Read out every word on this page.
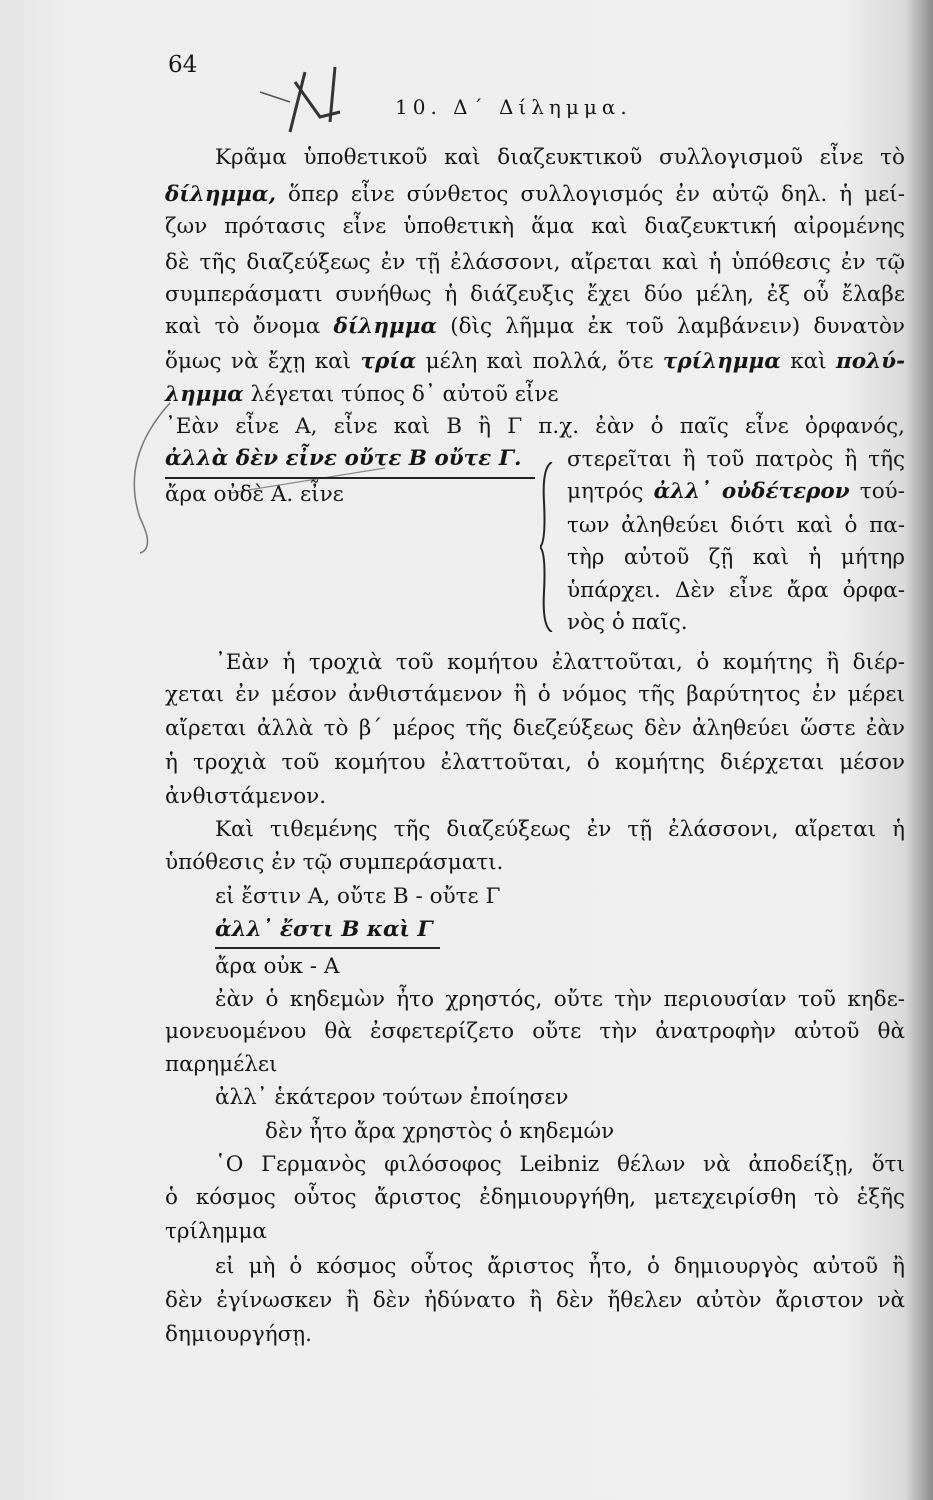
64
10. Δ΄ Δίλημμα.
Κρᾶμα ὑποθετικοῦ καὶ διαζευκτικοῦ συλλογισμοῦ εἶνε τὸ
δίλημμα, ὅπερ εἶνε σύνθετος συλλογισμός ἐν αὐτῷ δηλ. ἡ μεί-
ζων πρότασις εἶνε ὑποθετικὴ ἅμα καὶ διαζευκτική αἰρομένης
δὲ τῆς διαζεύξεως ἐν τῇ ἐλάσσονι, αἴρεται καὶ ἡ ὑπόθεσις ἐν τῷ
συμπεράσματι συνήθως ἡ διάζευξις ἔχει δύο μέλη, ἐξ οὗ ἔλαβε
καὶ τὸ ὄνομα δίλημμα (δὶς λῆμμα ἐκ τοῦ λαμβάνειν) δυνατὸν
ὅμως νὰ ἔχῃ καὶ τρία μέλη καὶ πολλά, ὅτε τρίλημμα καὶ πολύ-
λημμα λέγεται τύπος δ᾽ αὐτοῦ εἶνε
᾽Εὰν εἶνε Α, εἶνε καὶ Β ἢ Γ π.χ. ἐὰν ὁ παῖς εἶνε ὀρφανός,
ἀλλὰ δὲν εἶνε οὔτε Β οὔτε Γ.
ἄρα οὐδὲ Α. εἶνε
στερεῖται ἢ τοῦ πατρὸς ἢ τῆς
μητρός ἀλλ᾽ οὐδέτερον τού-
των ἀληθεύει διότι καὶ ὁ πα-
τὴρ αὐτοῦ ζῇ καὶ ἡ μήτηρ
ὑπάρχει. Δὲν εἶνε ἄρα ὀρφα-
νὸς ὁ παῖς.
᾽Εὰν ἡ τροχιὰ τοῦ κομήτου ἐλαττοῦται, ὁ κομήτης ἢ διέρ-
χεται ἐν μέσον ἀνθιστάμενον ἢ ὁ νόμος τῆς βαρύτητος ἐν μέρει
αἴρεται ἀλλὰ τὸ β΄ μέρος τῆς διεζεύξεως δὲν ἀληθεύει ὥστε ἐὰν
ἡ τροχιὰ τοῦ κομήτου ἐλαττοῦται, ὁ κομήτης διέρχεται μέσον
ἀνθιστάμενον.
Καὶ τιθεμένης τῆς διαζεύξεως ἐν τῇ ἐλάσσονι, αἴρεται ἡ
ὑπόθεσις ἐν τῷ συμπεράσματι.
εἰ ἔστιν Α, οὔτε Β - οὔτε Γ
ἀλλ᾽ ἔστι Β καὶ Γ
ἄρα οὐκ - Α
ἐὰν ὁ κηδεμὼν ἦτο χρηστός, οὔτε τὴν περιουσίαν τοῦ κηδε-
μονευομένου θὰ ἐσφετερίζετο οὔτε τὴν ἀνατροφὴν αὐτοῦ θὰ
παρημέλει
ἀλλ᾽ ἑκάτερον τούτων ἐποίησεν
δὲν ἦτο ἄρα χρηστὸς ὁ κηδεμών
῾Ο Γερμανὸς φιλόσοφος Leibniz θέλων νὰ ἀποδείξῃ, ὅτι
ὁ κόσμος οὗτος ἄριστος ἐδημιουργήθη, μετεχειρίσθη τὸ ἑξῆς
τρίλημμα
εἰ μὴ ὁ κόσμος οὗτος ἄριστος ἦτο, ὁ δημιουργὸς αὐτοῦ ἢ
δὲν ἐγίνωσκεν ἢ δὲν ἠδύνατο ἢ δὲν ἤθελεν αὐτὸν ἄριστον νὰ
δημιουργήσῃ.
